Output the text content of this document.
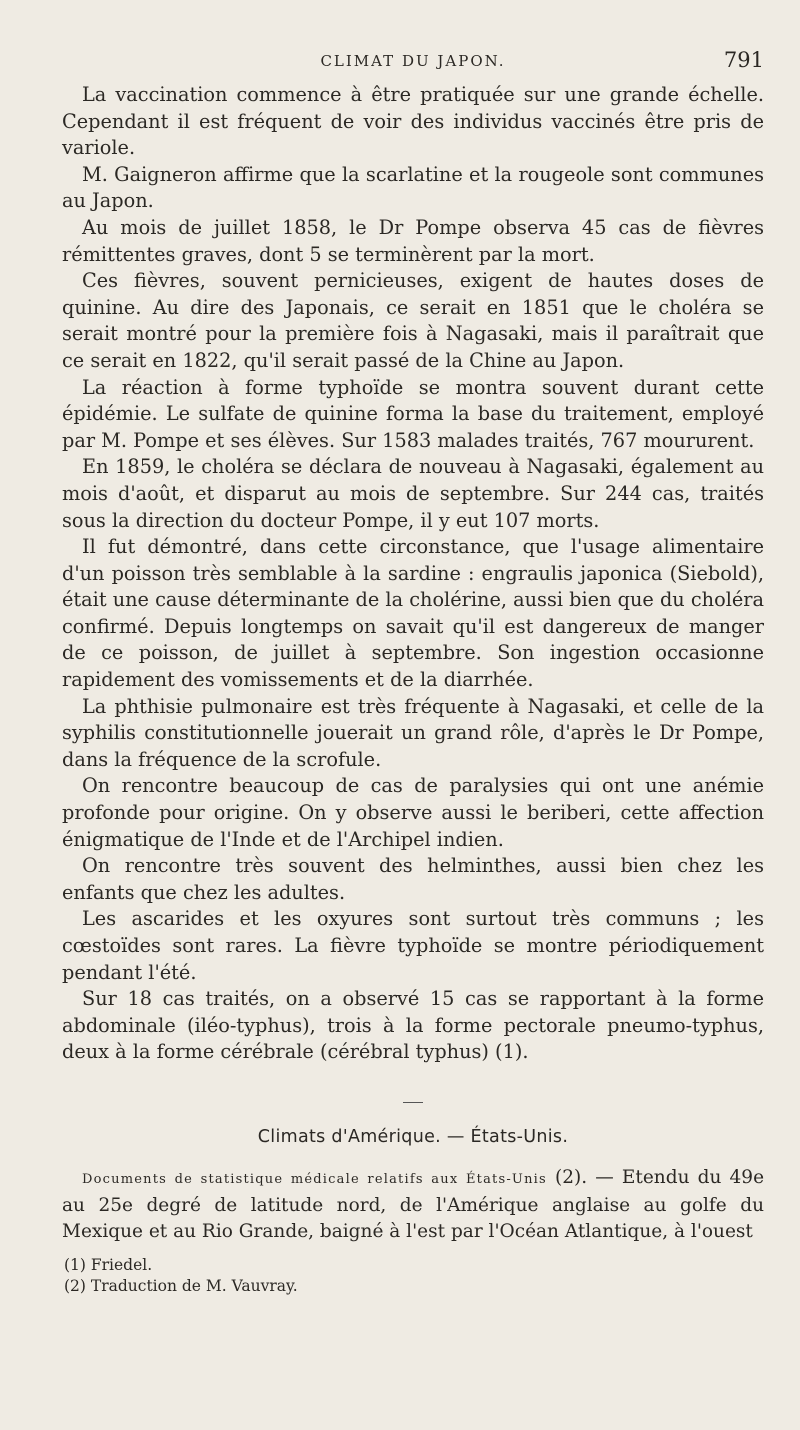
CLIMAT DU JAPON.	791

La vaccination commence à être pratiquée sur une grande échelle. Cependant il est fréquent de voir des individus vaccinés être pris de variole.

M. Gaigneron affirme que la scarlatine et la rougeole sont communes au Japon.

Au mois de juillet 1858, le Dr Pompe observa 45 cas de fièvres rémittentes graves, dont 5 se terminèrent par la mort.

Ces fièvres, souvent pernicieuses, exigent de hautes doses de quinine. Au dire des Japonais, ce serait en 1851 que le choléra se serait montré pour la première fois à Nagasaki, mais il paraîtrait que ce serait en 1822, qu'il serait passé de la Chine au Japon.

La réaction à forme typhoïde se montra souvent durant cette épidémie. Le sulfate de quinine forma la base du traitement, employé par M. Pompe et ses élèves. Sur 1583 malades traités, 767 moururent.

En 1859, le choléra se déclara de nouveau à Nagasaki, également au mois d'août, et disparut au mois de septembre. Sur 244 cas, traités sous la direction du docteur Pompe, il y eut 107 morts.

Il fut démontré, dans cette circonstance, que l'usage alimentaire d'un poisson très semblable à la sardine : engraulis japonica (Siebold), était une cause déterminante de la cholérine, aussi bien que du choléra confirmé. Depuis longtemps on savait qu'il est dangereux de manger de ce poisson, de juillet à septembre. Son ingestion occasionne rapidement des vomissements et de la diarrhée.

La phthisie pulmonaire est très fréquente à Nagasaki, et celle de la syphilis constitutionnelle jouerait un grand rôle, d'après le Dr Pompe, dans la fréquence de la scrofule.

On rencontre beaucoup de cas de paralysies qui ont une anémie profonde pour origine. On y observe aussi le beriberi, cette affection énigmatique de l'Inde et de l'Archipel indien.

On rencontre très souvent des helminthes, aussi bien chez les enfants que chez les adultes.

Les ascarides et les oxyures sont surtout très communs ; les cœstoïdes sont rares. La fièvre typhoïde se montre périodiquement pendant l'été.

Sur 18 cas traités, on a observé 15 cas se rapportant à la forme abdominale (iléo-typhus), trois à la forme pectorale pneumo-typhus, deux à la forme cérébrale (cérébral typhus) (1).

Climats d'Amérique. — États-Unis.
Documents de statistique médicale relatifs aux États-Unis (2). — Etendu du 49e au 25e degré de latitude nord, de l'Amérique anglaise au golfe du Mexique et au Rio Grande, baigné à l'est par l'Océan Atlantique, à l'ouest
(1) Friedel.
(2) Traduction de M. Vauvray.
